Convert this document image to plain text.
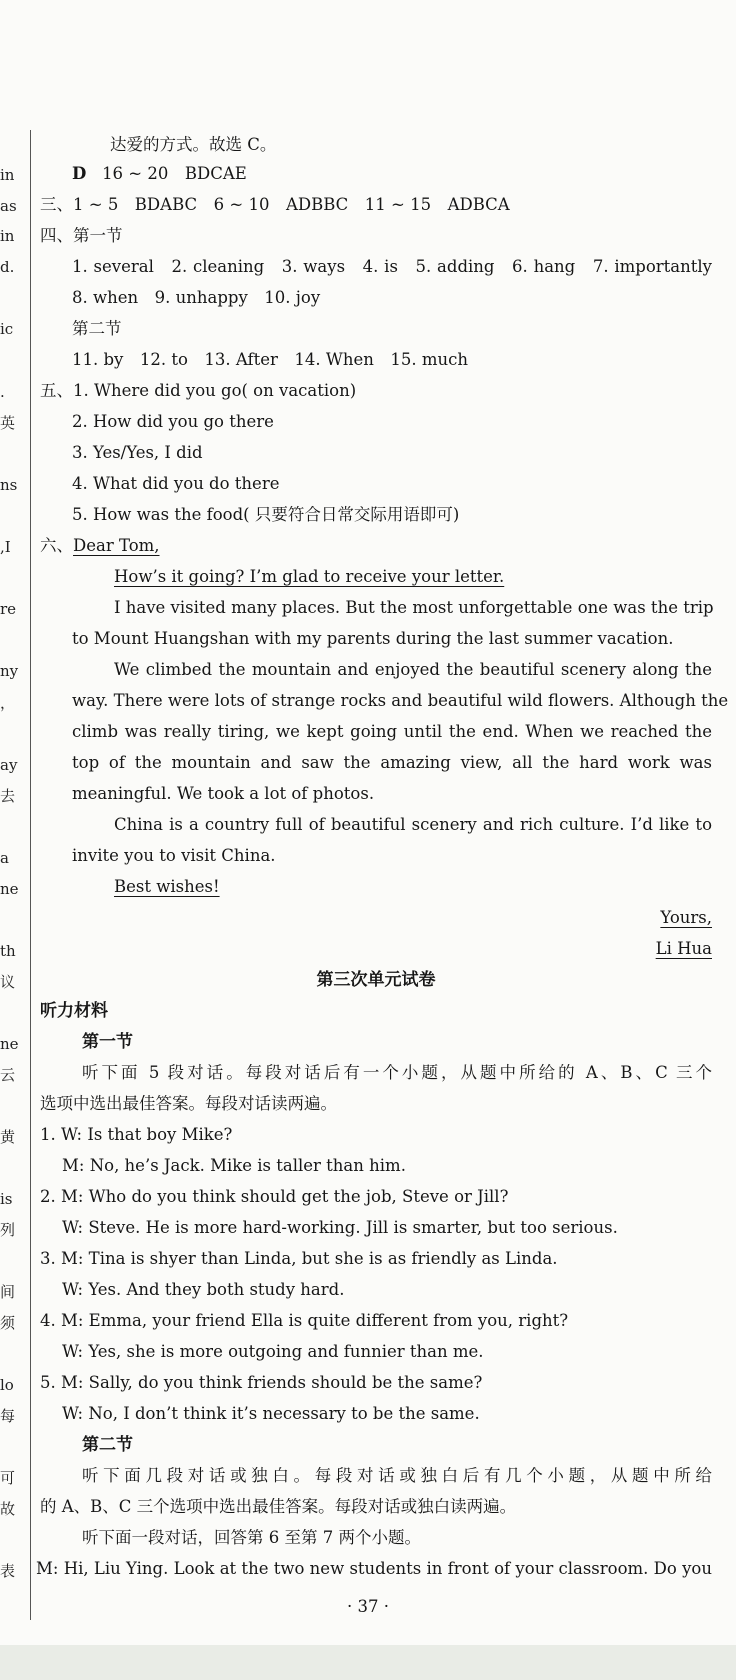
in
as
in
d.
ic
.
英
ns
,I
re
ny
，
ay
去
a
ne
th
议
ne
云
黄
is
列
间
须
lo
每
可
故
表
达爱的方式。故选 C。
D 16 ~ 20　BDCAE
三、1 ~ 5　BDABC　6 ~ 10　ADBBC　11 ~ 15　ADBCA
四、第一节
1. several　2. cleaning　3. ways　4. is　5. adding　6. hang　7. importantly
8. when　9. unhappy　10. joy
第二节
11. by　12. to　13. After　14. When　15. much
五、1. Where did you go( on vacation)
2. How did you go there
3. Yes/Yes, I did
4. What did you do there
5. How was the food( 只要符合日常交际用语即可)
六、Dear Tom,
How’s it going? I’m glad to receive your letter.
I have visited many places. But the most unforgettable one was the trip
to Mount Huangshan with my parents during the last summer vacation.
We climbed the mountain and enjoyed the beautiful scenery along the
way. There were lots of strange rocks and beautiful wild flowers. Although the
climb was really tiring, we kept going until the end. When we reached the
top of the mountain and saw the amazing view, all the hard work was
meaningful. We took a lot of photos.
China is a country full of beautiful scenery and rich culture. I’d like to
invite you to visit China.
Best wishes!
Yours,
Li Hua
第三次单元试卷
听力材料
第一节
听下面 5 段对话。每段对话后有一个小题，从题中所给的 A、B、C 三个
选项中选出最佳答案。每段对话读两遍。
1. W: Is that boy Mike?
M: No, he’s Jack. Mike is taller than him.
2. M: Who do you think should get the job, Steve or Jill?
W: Steve. He is more hard-working. Jill is smarter, but too serious.
3. M: Tina is shyer than Linda, but she is as friendly as Linda.
W: Yes. And they both study hard.
4. M: Emma, your friend Ella is quite different from you, right?
W: Yes, she is more outgoing and funnier than me.
5. M: Sally, do you think friends should be the same?
W: No, I don’t think it’s necessary to be the same.
第二节
听下面几段对话或独白。每段对话或独白后有几个小题，从题中所给
的 A、B、C 三个选项中选出最佳答案。每段对话或独白读两遍。
听下面一段对话，回答第 6 至第 7 两个小题。
M: Hi, Liu Ying. Look at the two new students in front of your classroom. Do you
· 37 ·
